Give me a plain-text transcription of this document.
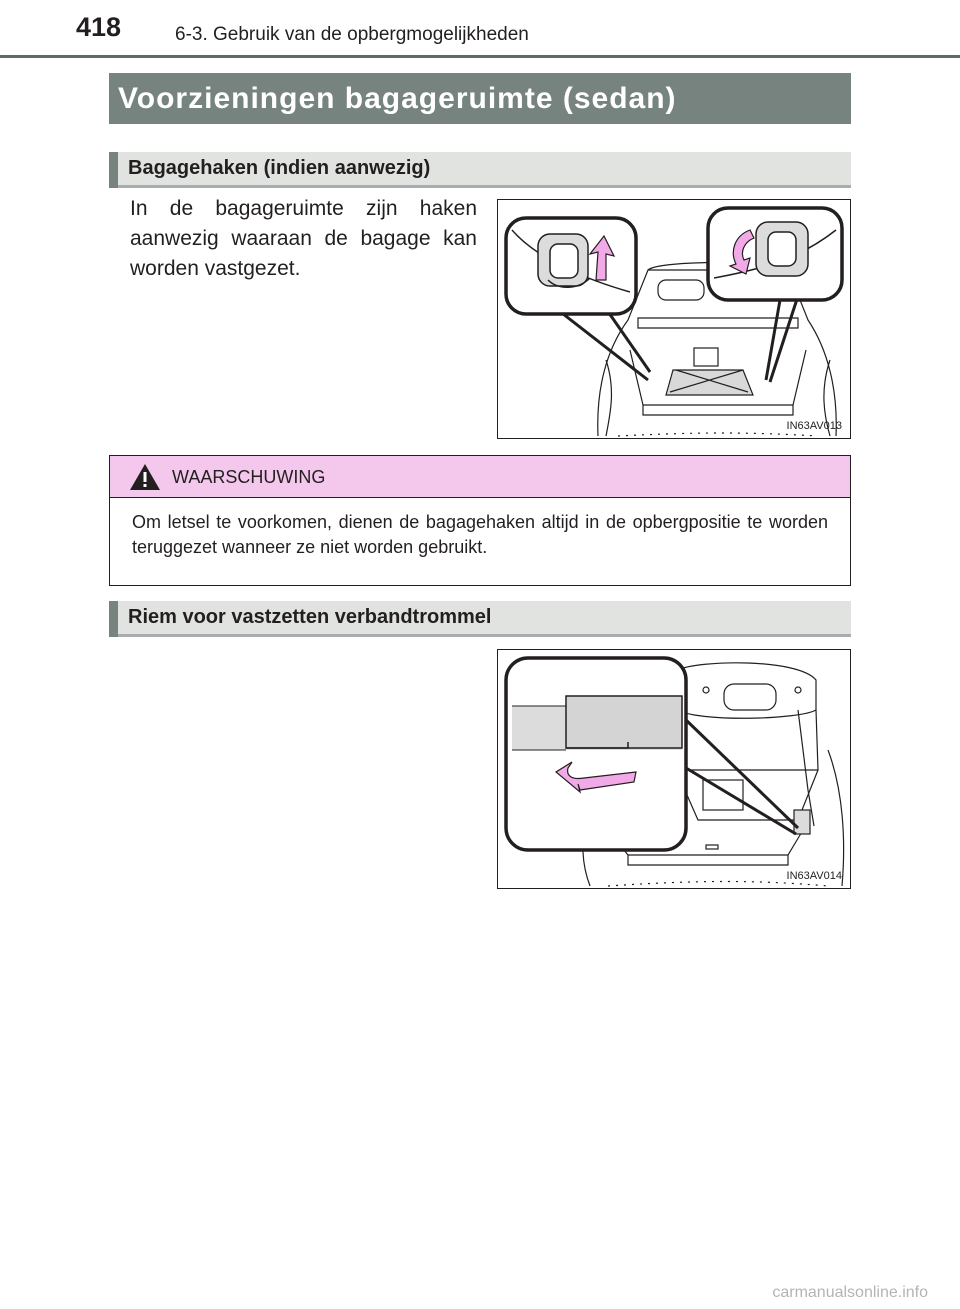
418	6-3. Gebruik van de opbergmogelijkheden
Voorzieningen bagageruimte (sedan)
Bagagehaken (indien aanwezig)
In de bagageruimte zijn haken aanwezig waaraan de bagage kan worden vastgezet.
IN63AV013
WAARSCHUWING
Om letsel te voorkomen, dienen de bagagehaken altijd in de opbergpositie te worden teruggezet wanneer ze niet worden gebruikt.
Riem voor vastzetten verbandtrommel
IN63AV014
carmanualsonline.info
